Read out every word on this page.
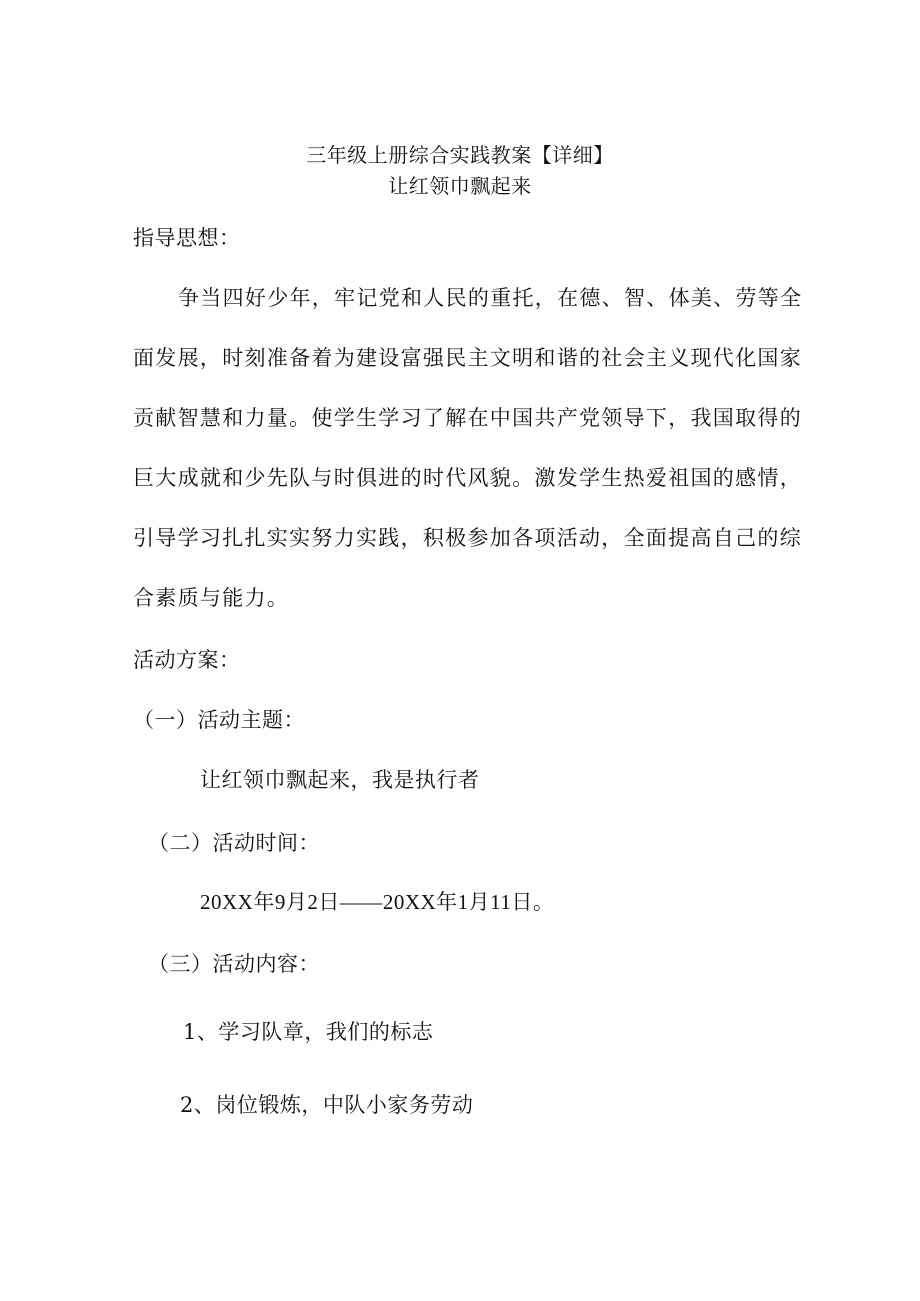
三年级上册综合实践教案【详细】
让红领巾飘起来
指导思想：
争当四好少年，牢记党和人民的重托，在德、智、体美、劳等全
面发展，时刻准备着为建设富强民主文明和谐的社会主义现代化国家
贡献智慧和力量。使学生学习了解在中国共产党领导下，我国取得的
巨大成就和少先队与时俱进的时代风貌。激发学生热爱祖国的感情，
引导学习扎扎实实努力实践，积极参加各项活动，全面提高自己的综
合素质与能力。
活动方案：
（一）活动主题：
让红领巾飘起来，我是执行者
（二）活动时间：
20XX年9月2日——20XX年1月11日。
（三）活动内容：
1、学习队章，我们的标志
2、岗位锻炼，中队小家务劳动
